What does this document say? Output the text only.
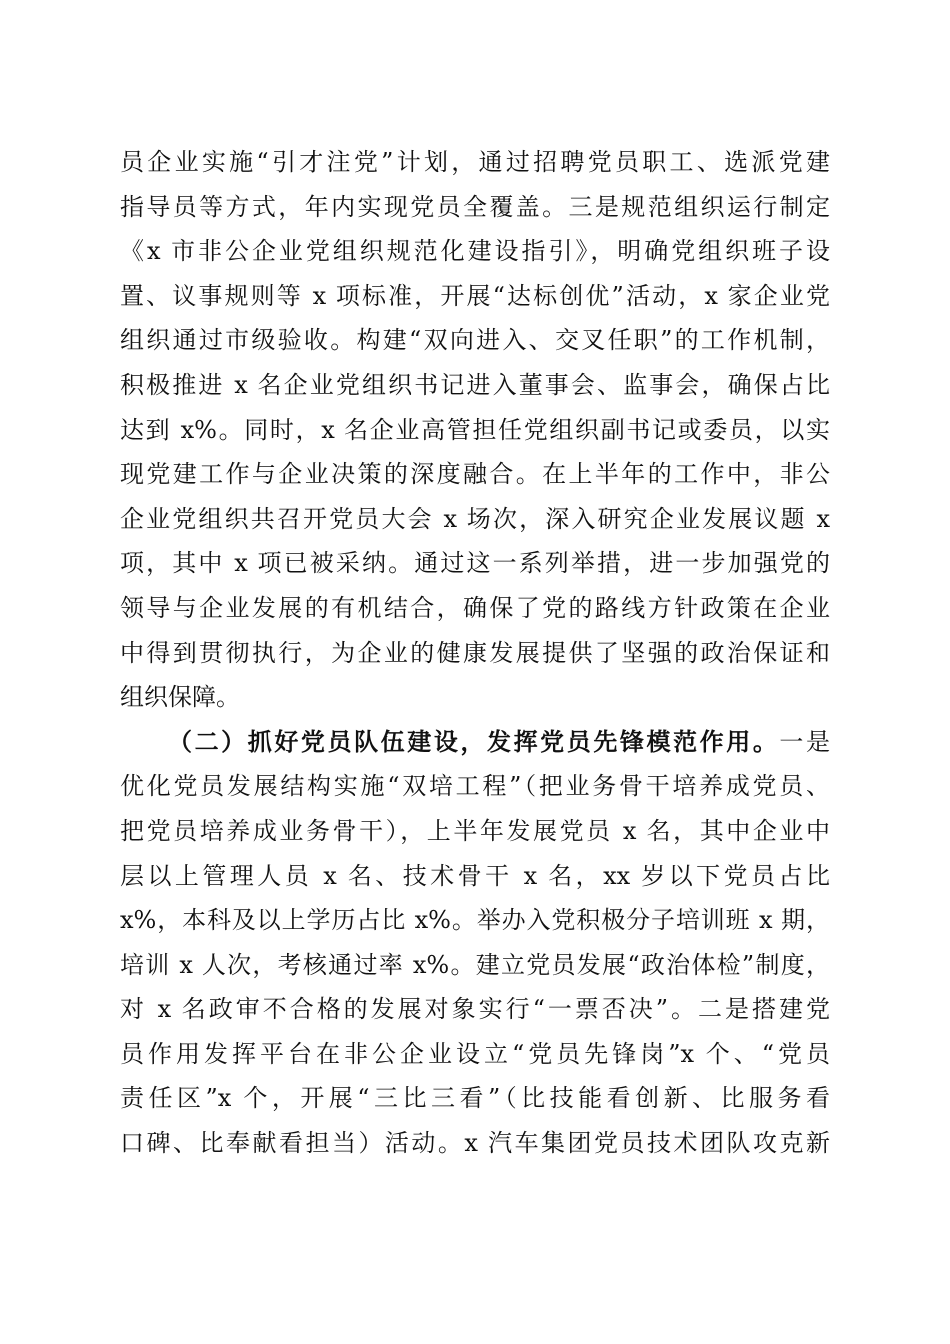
员企业实施“引才注党”计划，通过招聘党员职工、选派党建
指导员等方式，年内实现党员全覆盖。三是规范组织运行制定
《x 市非公企业党组织规范化建设指引》，明确党组织班子设
置、议事规则等 x 项标准，开展“达标创优”活动，x 家企业党
组织通过市级验收。构建“双向进入、交叉任职”的工作机制，
积极推进 x 名企业党组织书记进入董事会、监事会，确保占比
达到 x%。同时，x 名企业高管担任党组织副书记或委员，以实
现党建工作与企业决策的深度融合。在上半年的工作中，非公
企业党组织共召开党员大会 x 场次，深入研究企业发展议题 x
项，其中 x 项已被采纳。通过这一系列举措，进一步加强党的
领导与企业发展的有机结合，确保了党的路线方针政策在企业
中得到贯彻执行，为企业的健康发展提供了坚强的政治保证和
组织保障。
（二）抓好党员队伍建设，发挥党员先锋模范作用。一是
优化党员发展结构实施“双培工程”（把业务骨干培养成党员、
把党员培养成业务骨干），上半年发展党员 x 名，其中企业中
层以上管理人员 x 名、技术骨干 x 名，xx 岁以下党员占比
x%，本科及以上学历占比 x%。举办入党积极分子培训班 x 期，
培训 x 人次，考核通过率 x%。建立党员发展“政治体检”制度，
对 x 名政审不合格的发展对象实行“一票否决”。二是搭建党
员作用发挥平台在非公企业设立“党员先锋岗”x 个、“党员
责任区”x 个，开展“三比三看”（比技能看创新、比服务看
口碑、比奉献看担当）活动。x 汽车集团党员技术团队攻克新
